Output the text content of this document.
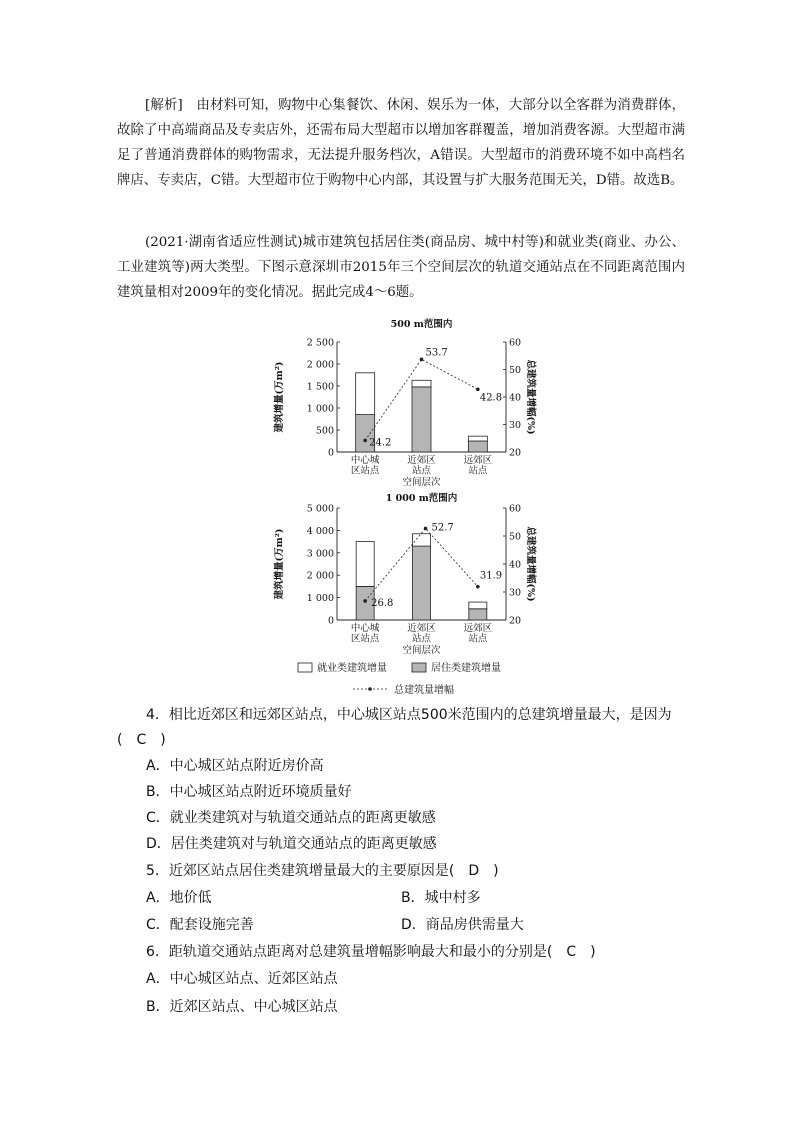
[解析]　 由材料可知，购物中心集餐饮、休闲、娱乐为一体，大部分以全客群为消费群体，故除了中高端商品及专卖店外，还需布局大型超市以增加客群覆盖，增加消费客源。大型超市满足了普通消费群体的购物需求，无法提升服务档次，A错误。大型超市的消费环境不如中高档名牌店、专卖店，C错。大型超市位于购物中心内部，其设置与扩大服务范围无关，D错。故选B。

(2021·湖南省适应性测试)城市建筑包括居住类(商品房、城中村等)和就业类(商业、办公、工业建筑等)两大类型。下图示意深圳市2015年三个空间层次的轨道交通站点在不同距离范围内建筑量相对2009年的变化情况。据此完成4～6题。

500 m范围内
0
500
1 000
1 500
2 000
2 500
20
30
40
50
60
建筑增量(万m²)	总建筑量增幅(%)
中心城
区站点
近郊区
站点
远郊区
站点
空间层次
24.2
53.7
42.8
1 000 m范围内
0
1 000
2 000
3 000
4 000
5 000
20
30
40
50
60
建筑增量(万m²)	总建筑量增幅(%)
中心城
区站点
近郊区
站点
远郊区
站点
空间层次
26.8
52.7
31.9
就业类建筑增量	居住类建筑增量
总建筑量增幅

4．相比近郊区和远郊区站点，中心城区站点500米范围内的总建筑增量最大，是因为

(　C　)

A．中心城区站点附近房价高
B．中心城区站点附近环境质量好
C．就业类建筑对与轨道交通站点的距离更敏感
D．居住类建筑对与轨道交通站点的距离更敏感

5．近郊区站点居住类建筑增量最大的主要原因是(　D　)

A．地价低	B．城中村多
C．配套设施完善	D．商品房供需量大

6．距轨道交通站点距离对总建筑量增幅影响最大和最小的分别是(　C　)

A．中心城区站点、近郊区站点
B．近郊区站点、中心城区站点
